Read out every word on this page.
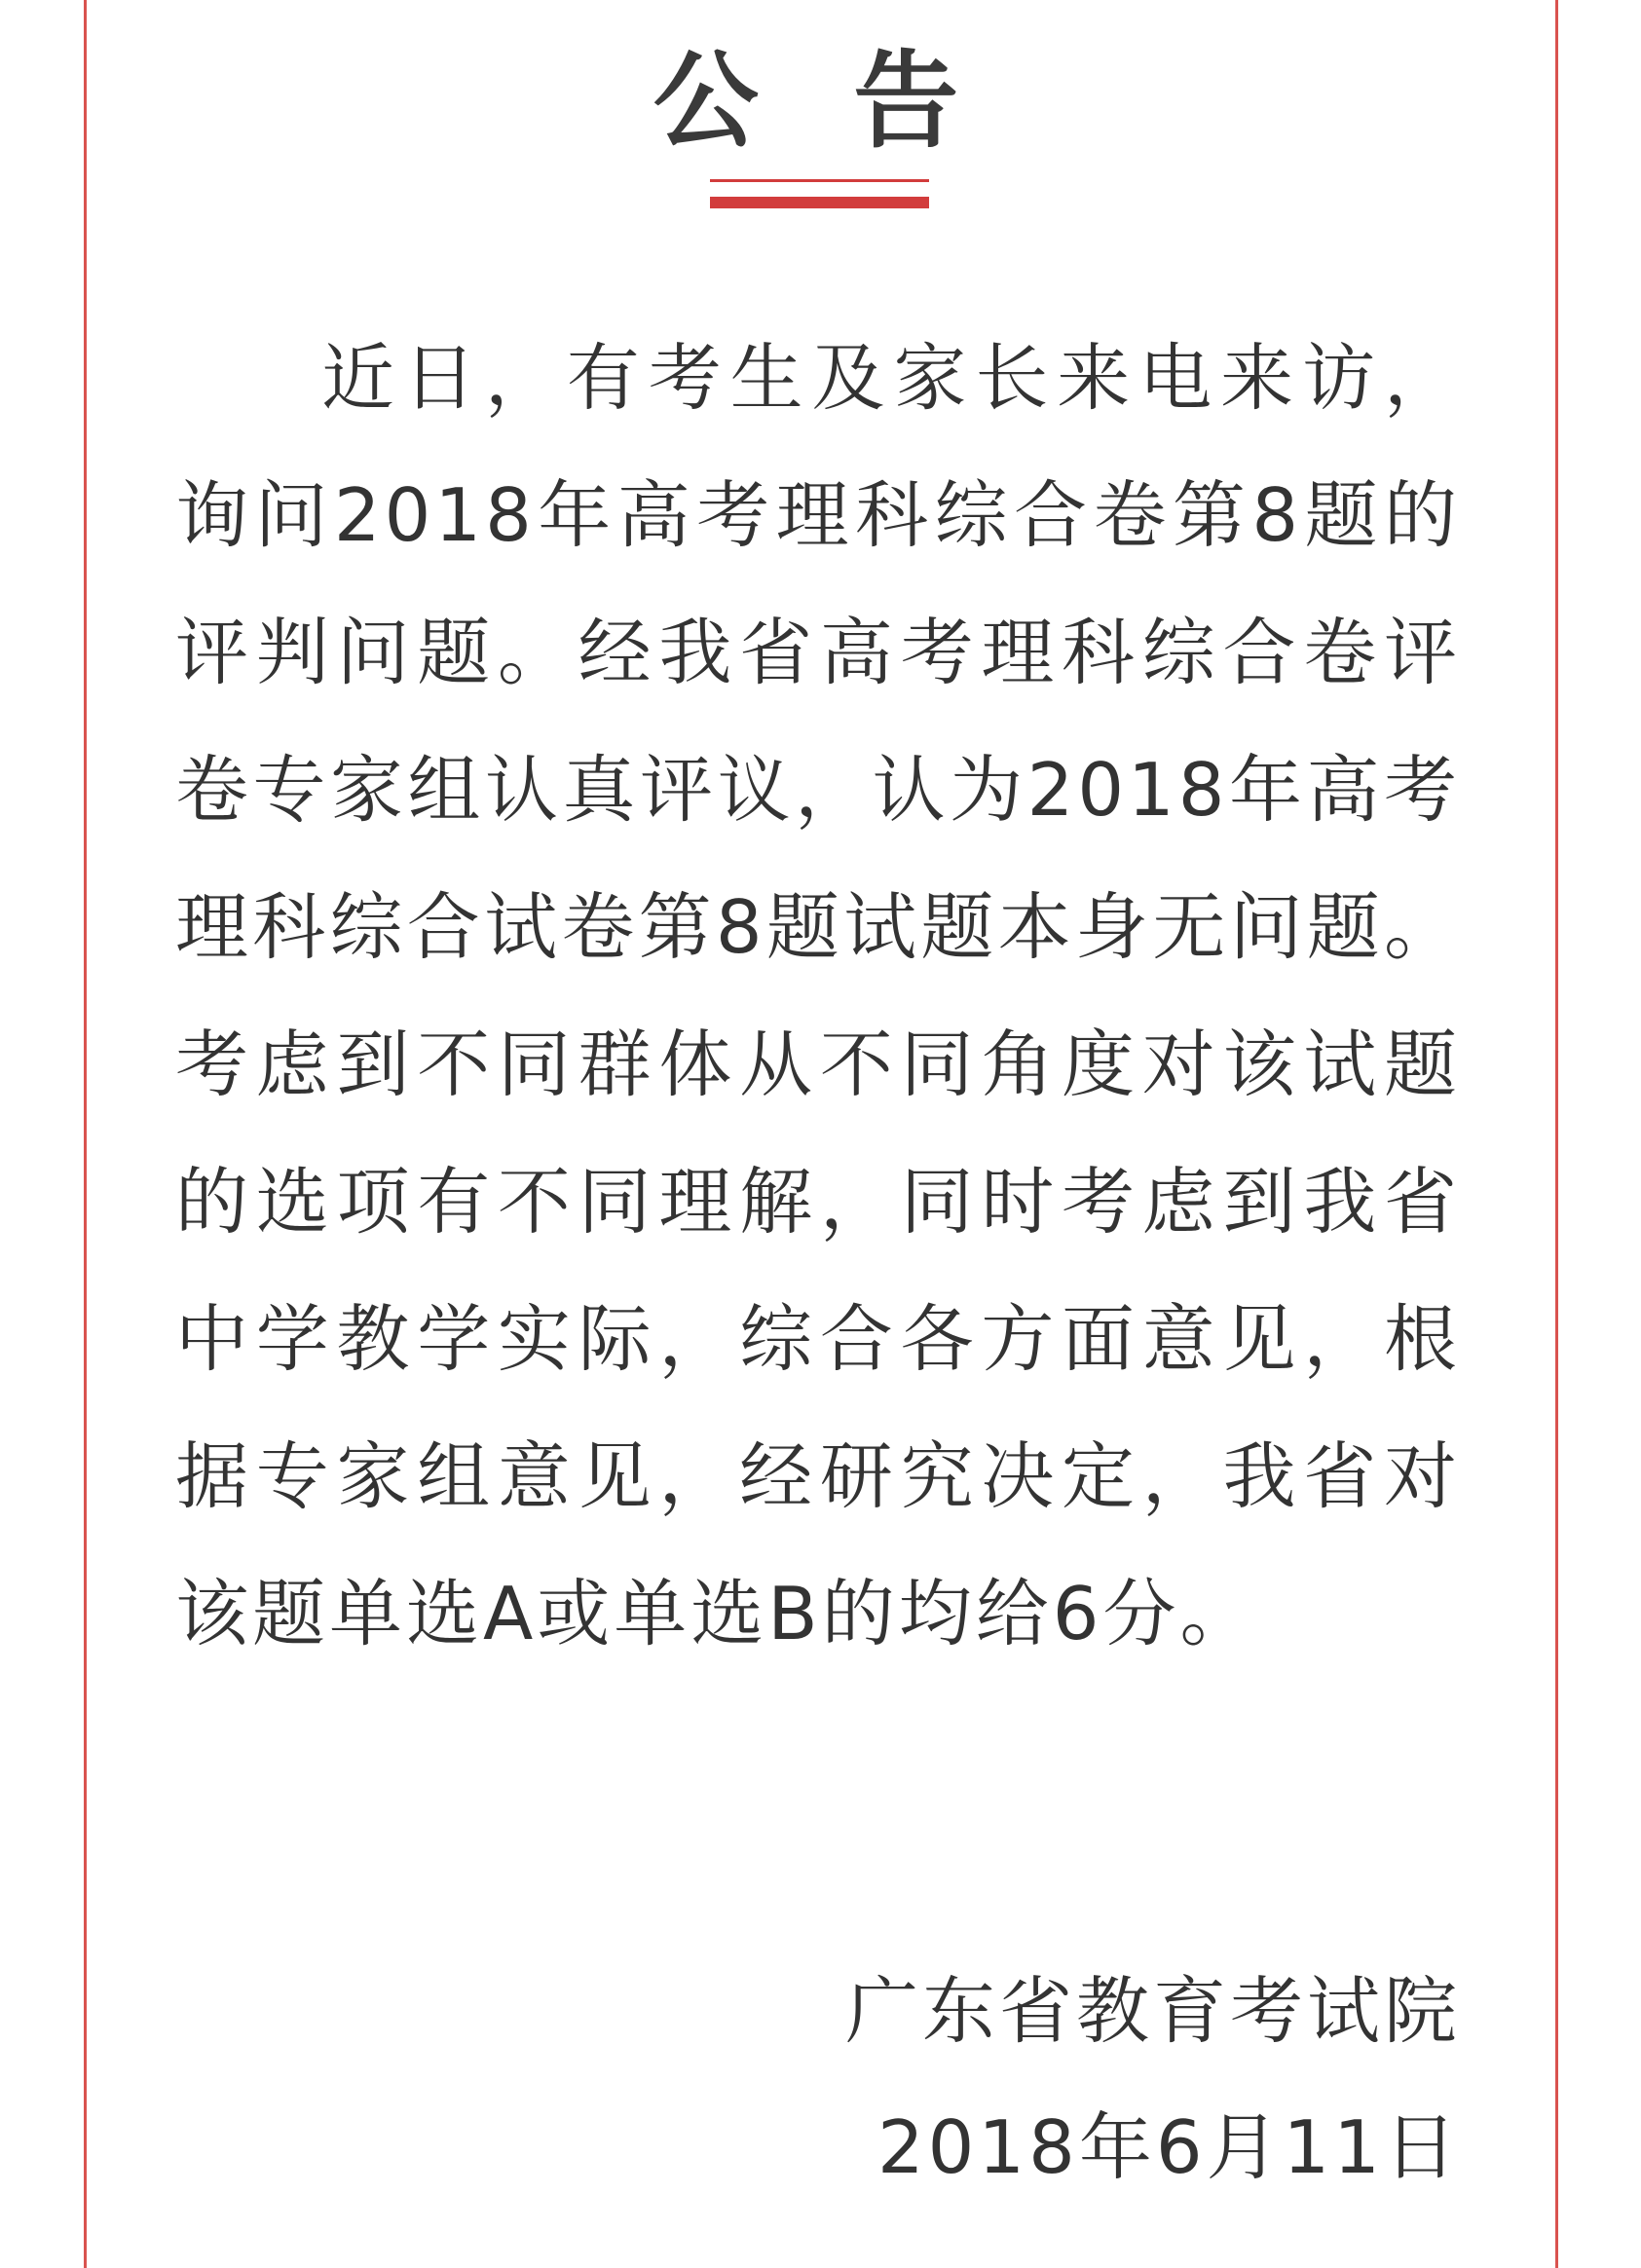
公 告
近日，有考生及家长来电来访，询问2018年高考理科综合卷第8题的评判问题。经我省高考理科综合卷评卷专家组认真评议，认为2018年高考理科综合试卷第8题试题本身无问题。考虑到不同群体从不同角度对该试题的选项有不同理解，同时考虑到我省中学教学实际，综合各方面意见，根据专家组意见，经研究决定，我省对该题单选A或单选B的均给6分。
广东省教育考试院
2018年6月11日
